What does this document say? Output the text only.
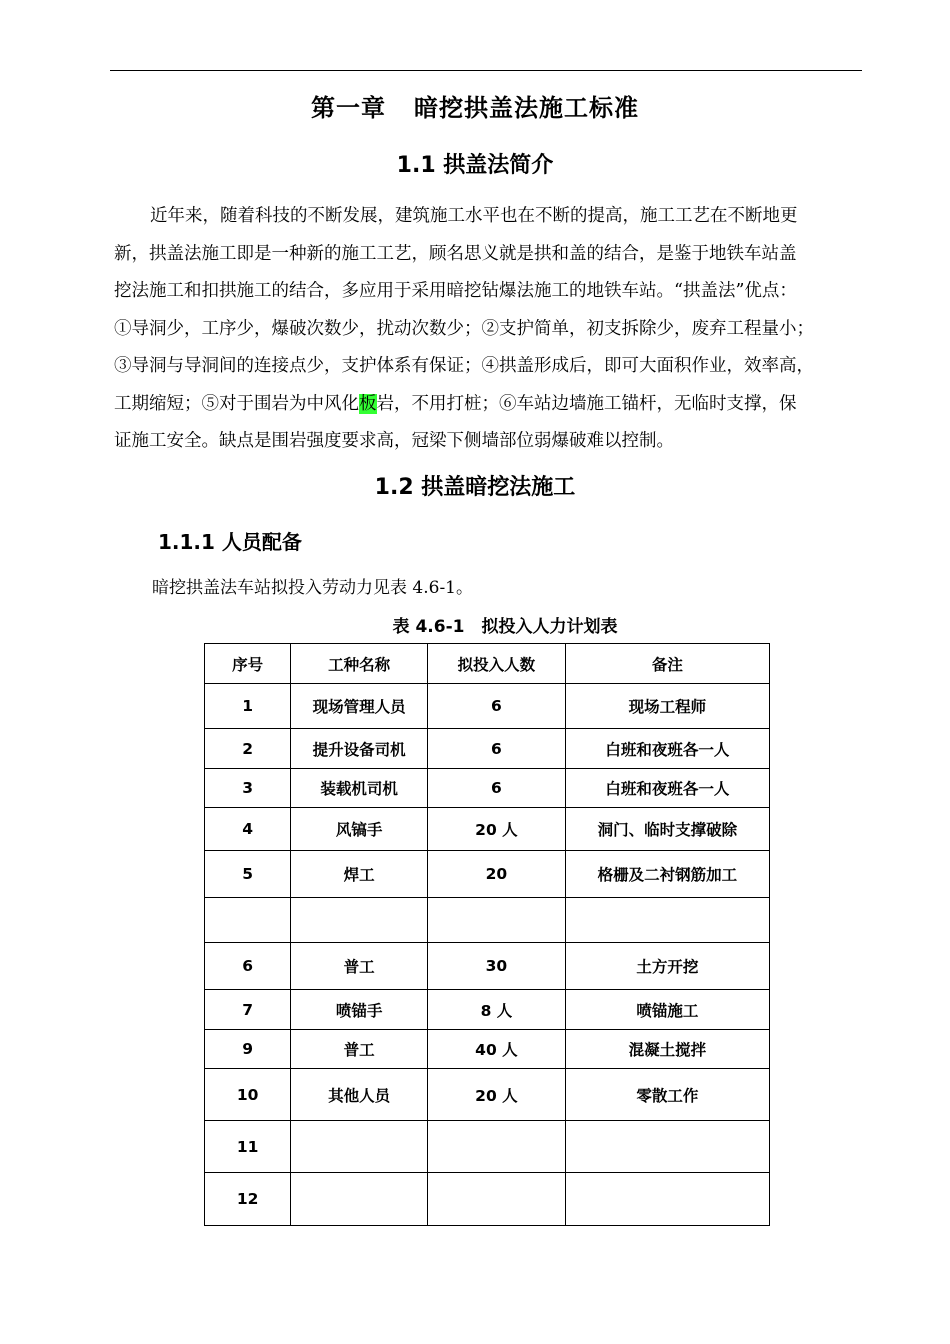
第一章 暗挖拱盖法施工标准
1.1 拱盖法简介
近年来，随着科技的不断发展，建筑施工水平也在不断的提高，施工工艺在不断地更
新，拱盖法施工即是一种新的施工工艺，顾名思义就是拱和盖的结合，是鉴于地铁车站盖
挖法施工和扣拱施工的结合，多应用于采用暗挖钻爆法施工的地铁车站。“拱盖法”优点：
①导洞少，工序少，爆破次数少，扰动次数少；②支护简单，初支拆除少，废弃工程量小；
③导洞与导洞间的连接点少，支护体系有保证；④拱盖形成后，即可大面积作业，效率高，
工期缩短；⑤对于围岩为中风化板岩，不用打桩；⑥车站边墙施工锚杆，无临时支撑，保
证施工安全。缺点是围岩强度要求高，冠梁下侧墙部位弱爆破难以控制。
1.2 拱盖暗挖法施工
1.1.1 人员配备
暗挖拱盖法车站拟投入劳动力见表 4.6-1。
表 4.6-1　拟投入人力计划表
序号	工种名称	拟投入人数	备注
1	现场管理人员	6	现场工程师
2	提升设备司机	6	白班和夜班各一人
3	装载机司机	6	白班和夜班各一人
4	风镐手	20 人	洞门、临时支撑破除
5	焊工	20	格栅及二衬钢筋加工

6	普工	30	土方开挖
7	喷锚手	8 人	喷锚施工
9	普工	40 人	混凝土搅拌
10	其他人员	20 人	零散工作
11			
12			
